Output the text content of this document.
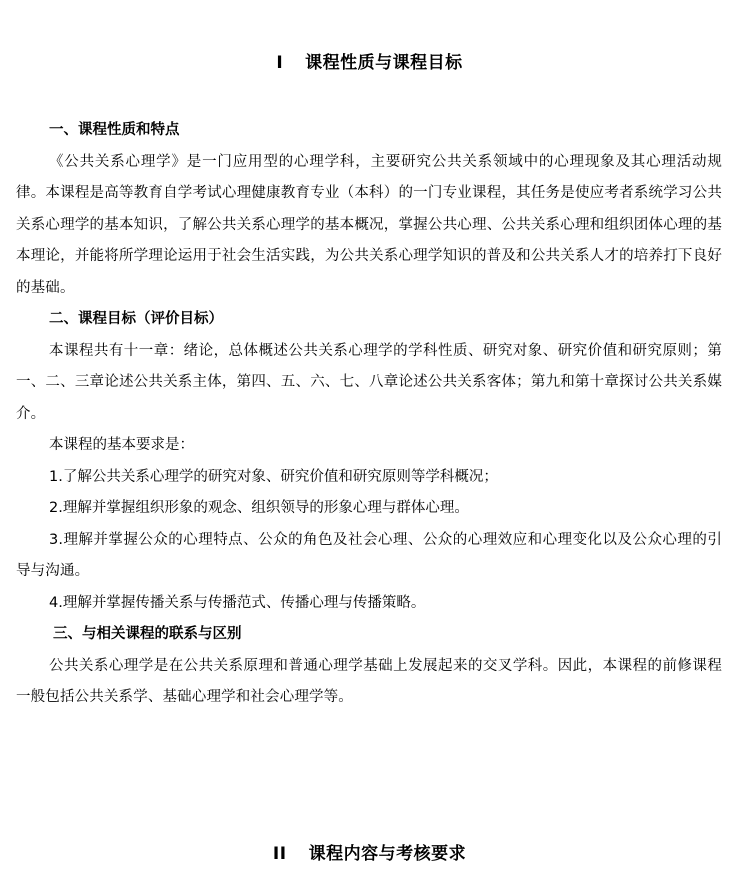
I 课程性质与课程目标
一、课程性质和特点
《公共关系心理学》是一门应用型的心理学科，主要研究公共关系领域中的心理现象及其心理活动规律。本课程是高等教育自学考试心理健康教育专业（本科）的一门专业课程，其任务是使应考者系统学习公共关系心理学的基本知识，了解公共关系心理学的基本概况，掌握公共心理、公共关系心理和组织团体心理的基本理论，并能将所学理论运用于社会生活实践，为公共关系心理学知识的普及和公共关系人才的培养打下良好的基础。
二、课程目标（评价目标）
本课程共有十一章：绪论，总体概述公共关系心理学的学科性质、研究对象、研究价值和研究原则；第一、二、三章论述公共关系主体，第四、五、六、七、八章论述公共关系客体；第九和第十章探讨公共关系媒介。
本课程的基本要求是：
1.了解公共关系心理学的研究对象、研究价值和研究原则等学科概况；
2.理解并掌握组织形象的观念、组织领导的形象心理与群体心理。
3.理解并掌握公众的心理特点、公众的角色及社会心理、公众的心理效应和心理变化以及公众心理的引导与沟通。
4.理解并掌握传播关系与传播范式、传播心理与传播策略。
三、与相关课程的联系与区别
公共关系心理学是在公共关系原理和普通心理学基础上发展起来的交叉学科。因此，本课程的前修课程一般包括公共关系学、基础心理学和社会心理学等。
II 课程内容与考核要求
